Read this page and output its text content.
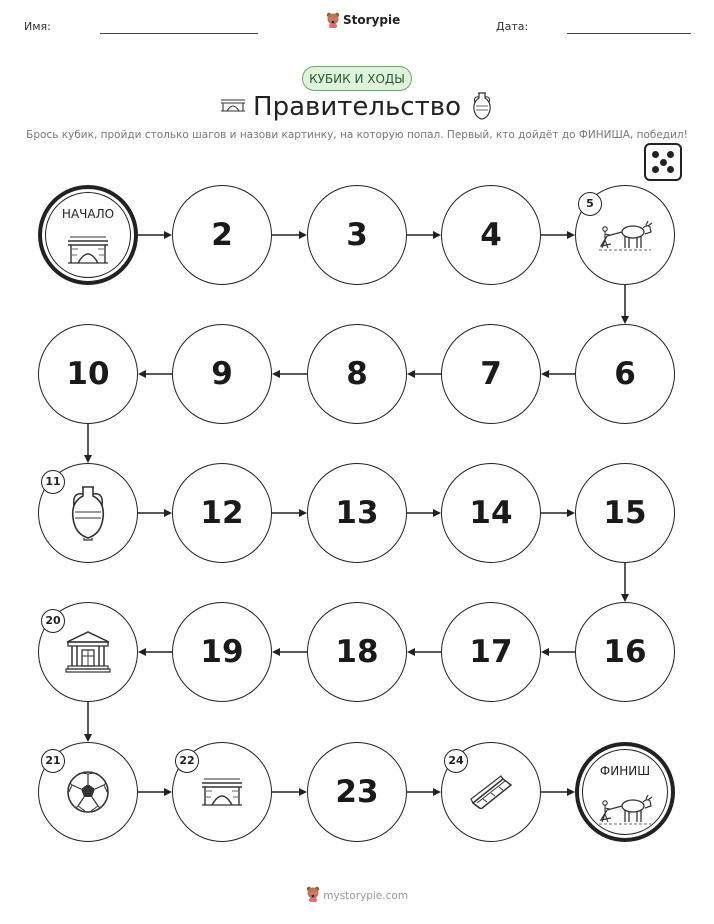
Имя:	Storypie	Дата:
КУБИК И ХОДЫ
Правительство
Брось кубик, пройди столько шагов и назови картинку, на которую попал. Первый, кто дойдёт до ФИНИША, победил!
ФИНИШ
23
19	18	17	16
15
14
13
12
10	9	8	7	6
4
3
2
НАЧАЛО
5
11
20
21	22	24
mystorypie.com
